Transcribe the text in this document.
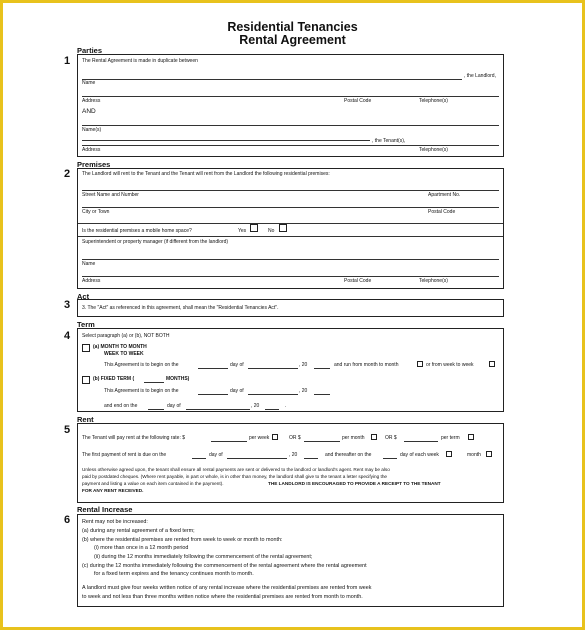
Residential Tenancies
Rental Agreement
Parties
1 The Rental Agreement is made in duplicate between
, the Landlord,
Name
Address	Postal Code	Telephone(s)
AND
Name(s)
, the Tenant(s),
Address	Telephone(s)
Premises
2 The Landlord will rent to the Tenant and the Tenant will rent from the Landlord the following residential premises:
Street Name and Number	Apartment No.
City or Town	Postal Code
Is the residential premises a mobile home space?	Yes	No
Superintendent or property manager (if different from the landlord)
Name
Address	Postal Code	Telephone(s)
Act
3 3. The "Act" as referenced in this agreement, shall mean the "Residential Tenancies Act".
Term
4 Select paragraph (a) or (b), NOT BOTH
(a) MONTH TO MONTH
WEEK TO WEEK
This Agreement is to begin on the	day of	, 20	and run from month to month	or from week to week
(b) FIXED TERM (	MONTHS)
This Agreement is to begin on the	day of	, 20
and end on the	day of	, 20	.
Rent
5
The Tenant will pay rent at the following rate: $	per week	OR $	per month	OR $	per term
The first payment of rent is due on the	day of	, 20	and thereafter on the	day of each week	month
Unless otherwise agreed upon, the tenant shall ensure all rental payments are sent or delivered to the landlord or landlord's agent. Rent may be also
paid by postdated cheques. (Where rent payable, in part or whole, is in other than money, the landlord shall give to the tenant a letter specifying the
payment and listing a value on each item contained in the payment).	THE LANDLORD IS ENCOURAGED TO PROVIDE A RECEIPT TO THE TENANT
FOR ANY RENT RECEIVED.
Rental Increase
6 Rent may not be increased:
(a) during any rental agreement of a fixed term;
(b) where the residential premises are rented from week to week or month to month:
(i) more than once in a 12 month period
(ii) during the 12 months immediately following the commencement of the rental agreement;
(c) during the 12 months immediately following the commencement of the rental agreement where the rental agreement
for a fixed term expires and the tenancy continues month to month.
A landlord must give four weeks written notice of any rental increase where the residential premises are rented from week
to week and not less than three months written notice where the residential premises are rented from month to month.
